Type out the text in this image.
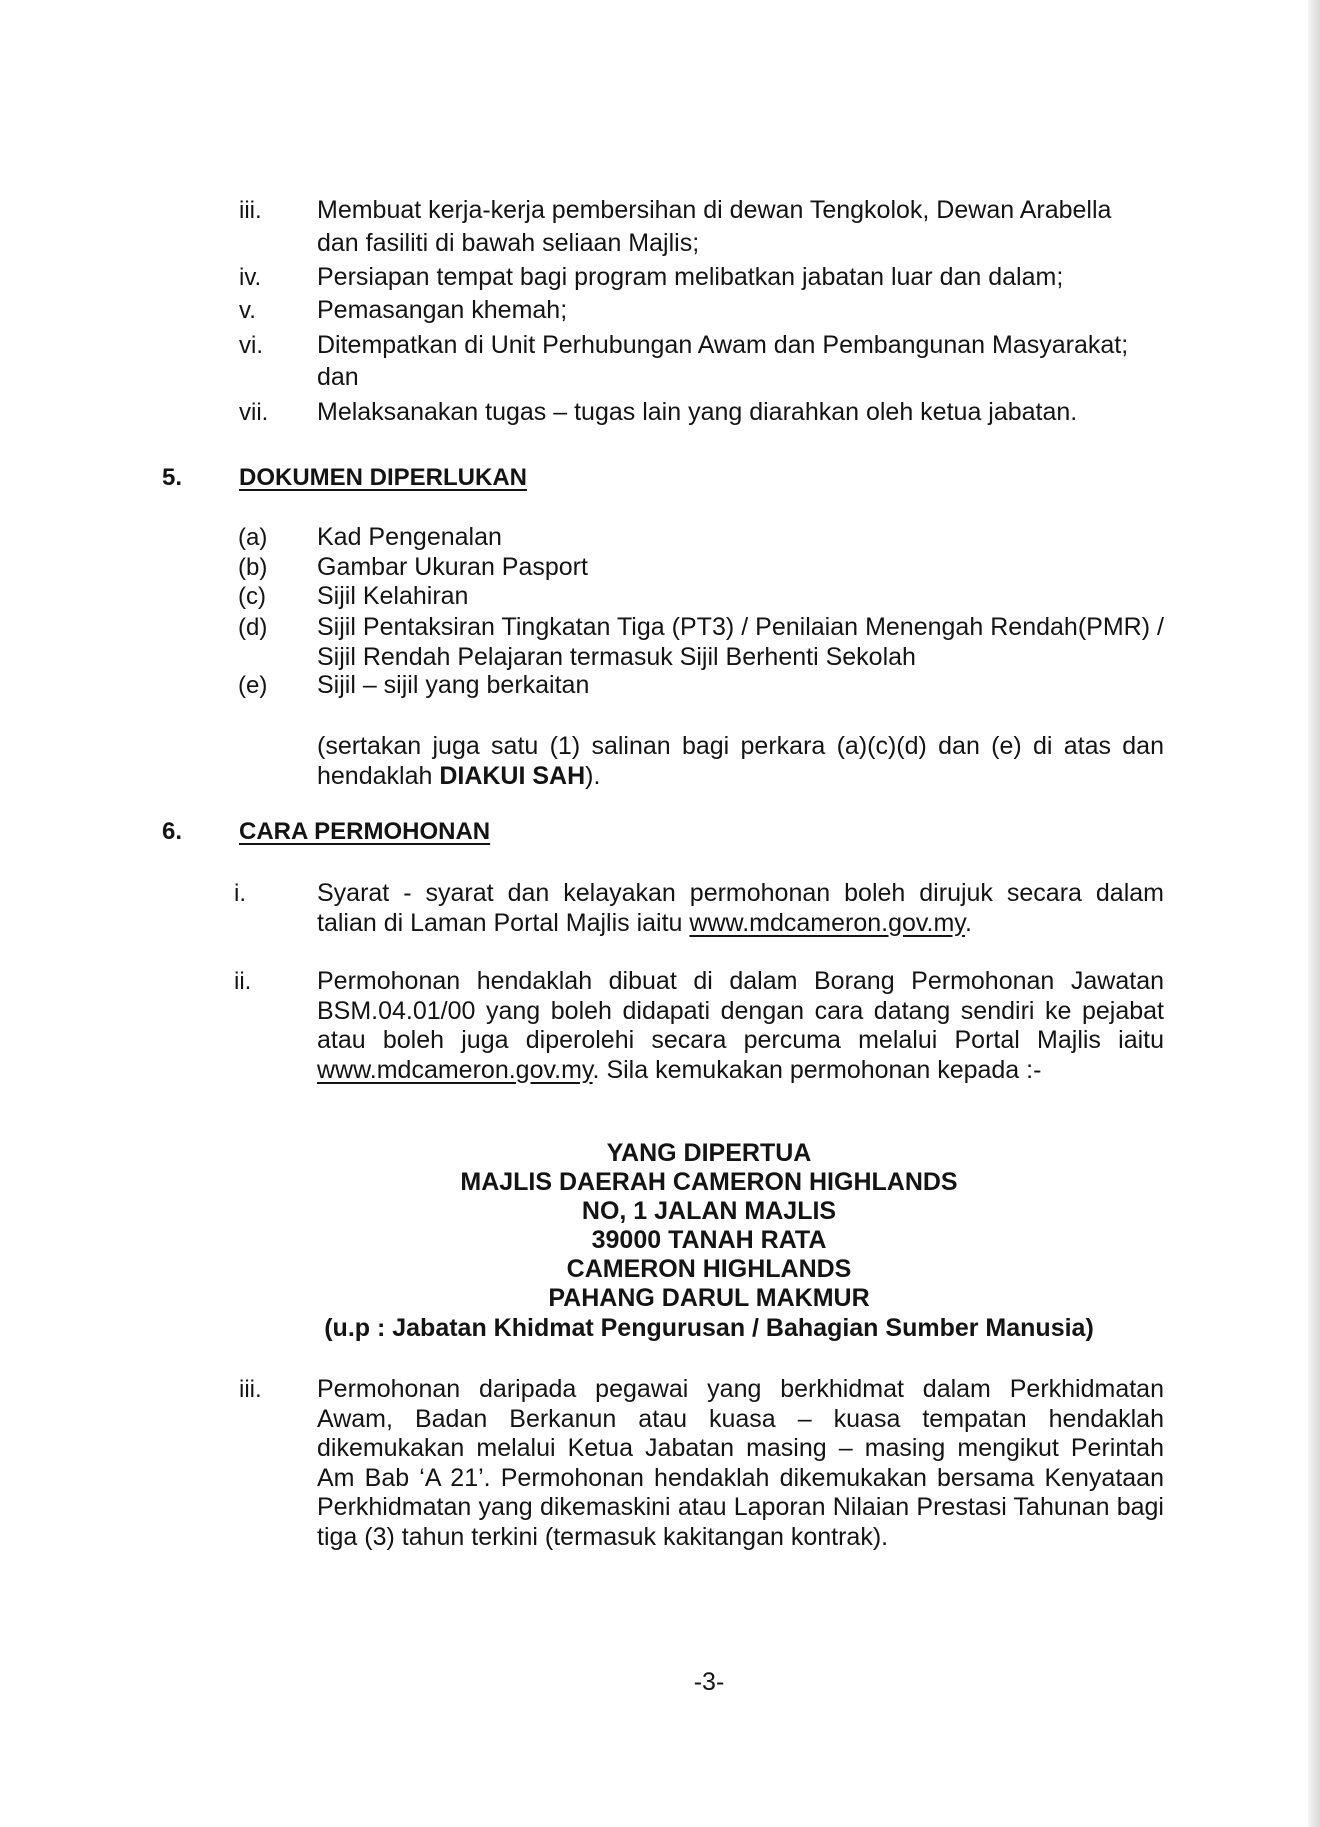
iii. Membuat kerja-kerja pembersihan di dewan Tengkolok, Dewan Arabella
dan fasiliti di bawah seliaan Majlis;
iv. Persiapan tempat bagi program melibatkan jabatan luar dan dalam;
v. Pemasangan khemah;
vi. Ditempatkan di Unit Perhubungan Awam dan Pembangunan Masyarakat;
dan
vii. Melaksanakan tugas – tugas lain yang diarahkan oleh ketua jabatan.
5. DOKUMEN DIPERLUKAN
(a) Kad Pengenalan
(b) Gambar Ukuran Pasport
(c) Sijil Kelahiran
(d) Sijil Pentaksiran Tingkatan Tiga (PT3) / Penilaian Menengah Rendah(PMR) / Sijil Rendah Pelajaran termasuk Sijil Berhenti Sekolah
(e) Sijil – sijil yang berkaitan
(sertakan juga satu (1) salinan bagi perkara (a)(c)(d) dan (e) di atas dan hendaklah DIAKUI SAH).
6. CARA PERMOHONAN
i.	Syarat - syarat dan kelayakan permohonan boleh dirujuk secara dalam talian di Laman Portal Majlis iaitu www.mdcameron.gov.my.
ii.	Permohonan hendaklah dibuat di dalam Borang Permohonan Jawatan BSM.04.01/00 yang boleh didapati dengan cara datang sendiri ke pejabat atau boleh juga diperolehi secara percuma melalui Portal Majlis iaitu www.mdcameron.gov.my. Sila kemukakan permohonan kepada :-
YANG DIPERTUA
MAJLIS DAERAH CAMERON HIGHLANDS
NO, 1 JALAN MAJLIS
39000 TANAH RATA
CAMERON HIGHLANDS
PAHANG DARUL MAKMUR
(u.p : Jabatan Khidmat Pengurusan / Bahagian Sumber Manusia)
iii. Permohonan daripada pegawai yang berkhidmat dalam Perkhidmatan Awam, Badan Berkanun atau kuasa – kuasa tempatan hendaklah dikemukakan melalui Ketua Jabatan masing – masing mengikut Perintah Am Bab ‘A 21’. Permohonan hendaklah dikemukakan bersama Kenyataan Perkhidmatan yang dikemaskini atau Laporan Nilaian Prestasi Tahunan bagi tiga (3) tahun terkini (termasuk kakitangan kontrak).
-3-
